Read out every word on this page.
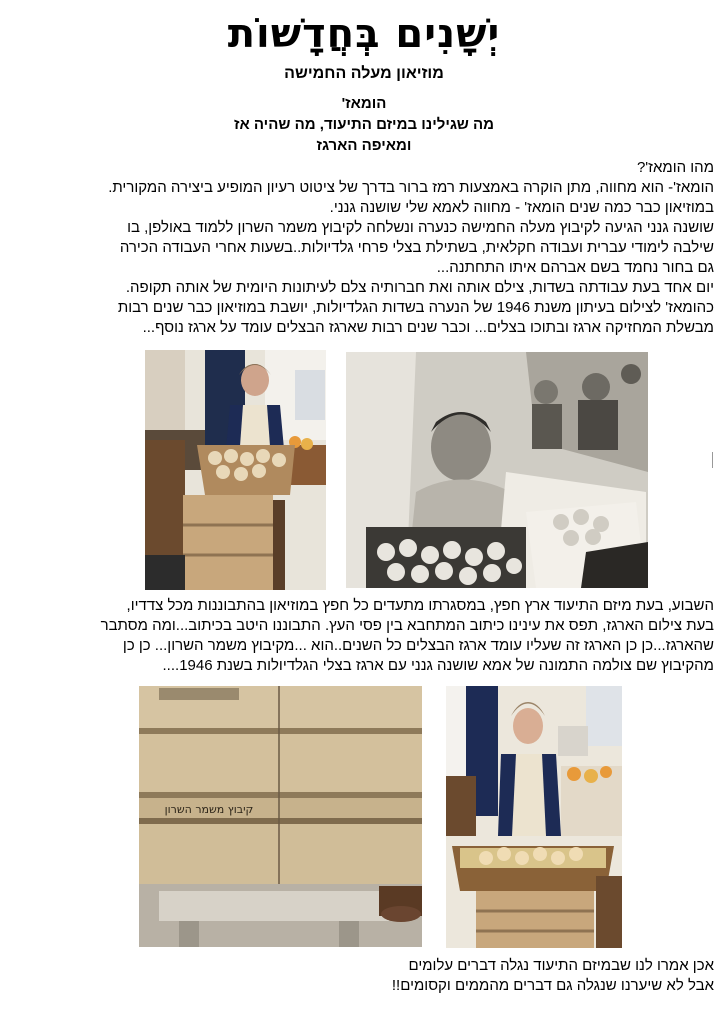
יְשָׁנִים בְּחֲדָשׁוֹת
מוזיאון מעלה החמישה
הומאז'
מה שגילינו במיזם התיעוד, מה שהיה אז
ומאיפה הארגז

מהו הומאז'?

הומאז'- הוא מחווה, מתן הוקרה באמצעות רמז ברור בדרך של ציטוט רעיון המופיע ביצירה המקורית.

במוזיאון כבר כמה שנים הומאז' - מחווה לאמא שלי שושנה גנני.

שושנה גנני הגיעה לקיבוץ מעלה החמישה כנערה ונשלחה לקיבוץ משמר השרון ללמוד באולפן, בו

שילבה לימודי עברית ועבודה חקלאית, בשתילת בצלי פרחי גלדיולות..בשעות אחרי העבודה הכירה

גם בחור נחמד בשם אברהם איתו התחתנה...

יום אחד בעת עבודתה בשדות, צילם אותה ואת חברותיה צלם לעיתונות היומית של אותה תקופה.

כהומאז' לצילום בעיתון משנת 1946 של הנערה בשדות הגלדיולות, יושבת במוזיאון כבר שנים רבות

מבשלת המחזיקה ארגז ובתוכו בצלים... וכבר שנים רבות שארגז הבצלים עומד על ארגז נוסף...

השבוע, בעת מיזם התיעוד ארץ חפץ, במסגרתו מתעדים כל חפץ במוזיאון בהתבוננות מכל צדדיו,

בעת צילום הארגז, תפס את עינינו כיתוב המתחבא בין פסי העץ. התבוננו היטב בכיתוב...ומה מסתבר

שהארגז...כן כן הארגז זה שעליו עומד ארגז הבצלים כל השנים..הוא ...מקיבוץ משמר השרון... כן כן

מהקיבוץ שם צולמה התמונה של אמא שושנה גנני עם ארגז בצלי הגלדיולות בשנת 1946....

קיבוץ משמר השרון

אכן אמרו לנו שבמיזם התיעוד נגלה דברים עלומים

אבל לא שיערנו שנגלה גם דברים מהממים וקסומים!!
